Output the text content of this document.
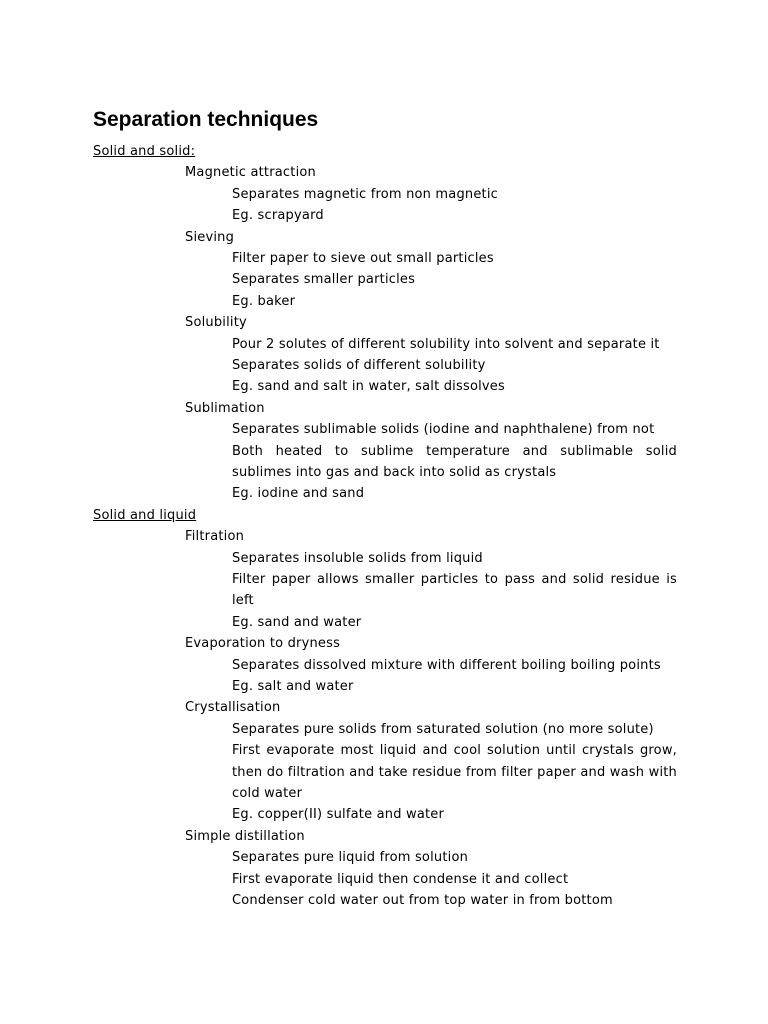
Separation techniques
Solid and solid:
Magnetic attraction
Separates magnetic from non magnetic
Eg. scrapyard
Sieving
Filter paper to sieve out small particles
Separates smaller particles
Eg. baker
Solubility
Pour 2 solutes of different solubility into solvent and separate it
Separates solids of different solubility
Eg. sand and salt in water, salt dissolves
Sublimation
Separates sublimable solids (iodine and naphthalene) from not
Both heated to sublime temperature and sublimable solid sublimes into gas and back into solid as crystals
Eg. iodine and sand
Solid and liquid
Filtration
Separates insoluble solids from liquid
Filter paper allows smaller particles to pass and solid residue is left
Eg. sand and water
Evaporation to dryness
Separates dissolved mixture with different boiling boiling points
Eg. salt and water
Crystallisation
Separates pure solids from saturated solution (no more solute)
First evaporate most liquid and cool solution until crystals grow, then do filtration and take residue from filter paper and wash with cold water
Eg. copper(II) sulfate and water
Simple distillation
Separates pure liquid from solution
First evaporate liquid then condense it and collect
Condenser cold water out from top water in from bottom
